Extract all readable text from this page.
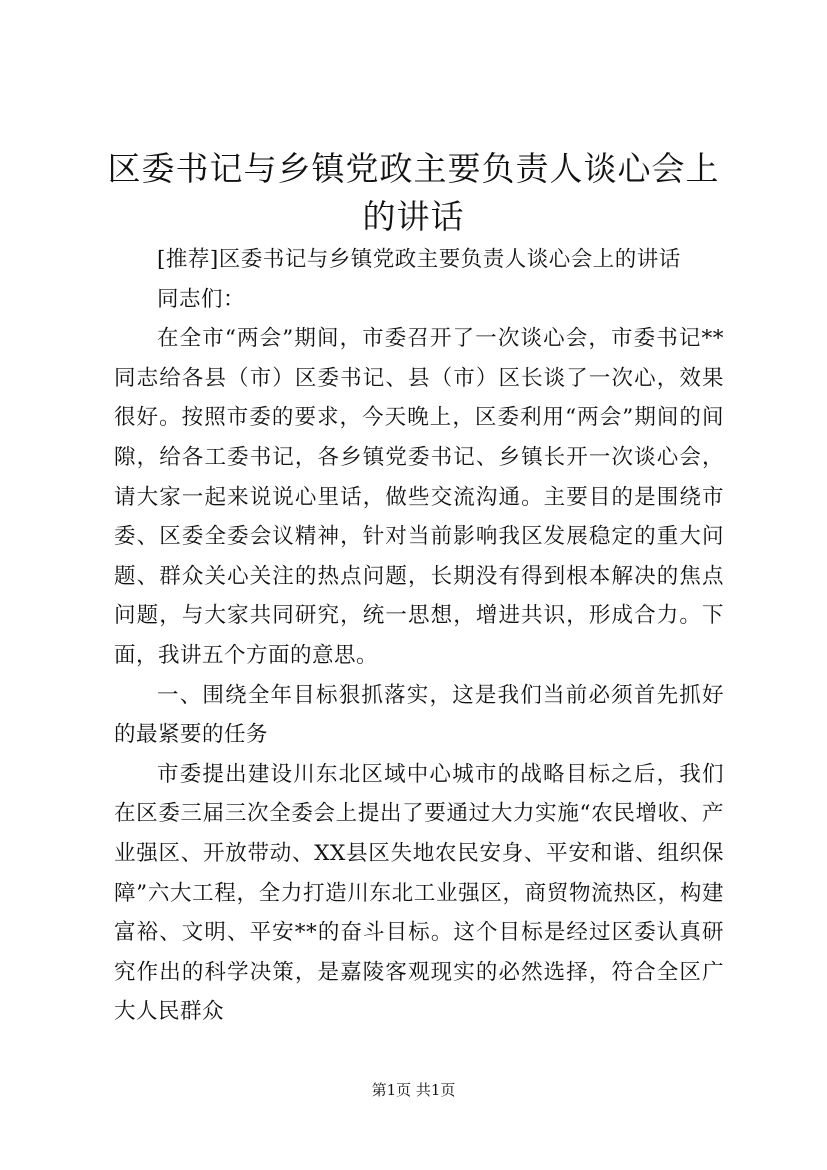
区委书记与乡镇党政主要负责人谈心会上的讲话

[推荐]区委书记与乡镇党政主要负责人谈心会上的讲话

同志们：

在全市“两会”期间，市委召开了一次谈心会，市委书记**同志给各县（市）区委书记、县（市）区长谈了一次心，效果很好。按照市委的要求，今天晚上，区委利用“两会”期间的间隙，给各工委书记，各乡镇党委书记、乡镇长开一次谈心会，请大家一起来说说心里话，做些交流沟通。主要目的是围绕市委、区委全委会议精神，针对当前影响我区发展稳定的重大问题、群众关心关注的热点问题，长期没有得到根本解决的焦点问题，与大家共同研究，统一思想，增进共识，形成合力。下面，我讲五个方面的意思。

一、围绕全年目标狠抓落实，这是我们当前必须首先抓好的最紧要的任务

市委提出建设川东北区域中心城市的战略目标之后，我们在区委三届三次全委会上提出了要通过大力实施“农民增收、产业强区、开放带动、XX县区失地农民安身、平安和谐、组织保障”六大工程，全力打造川东北工业强区，商贸物流热区，构建富裕、文明、平安**的奋斗目标。这个目标是经过区委认真研究作出的科学决策，是嘉陵客观现实的必然选择，符合全区广大人民群众

第1页 共1页
